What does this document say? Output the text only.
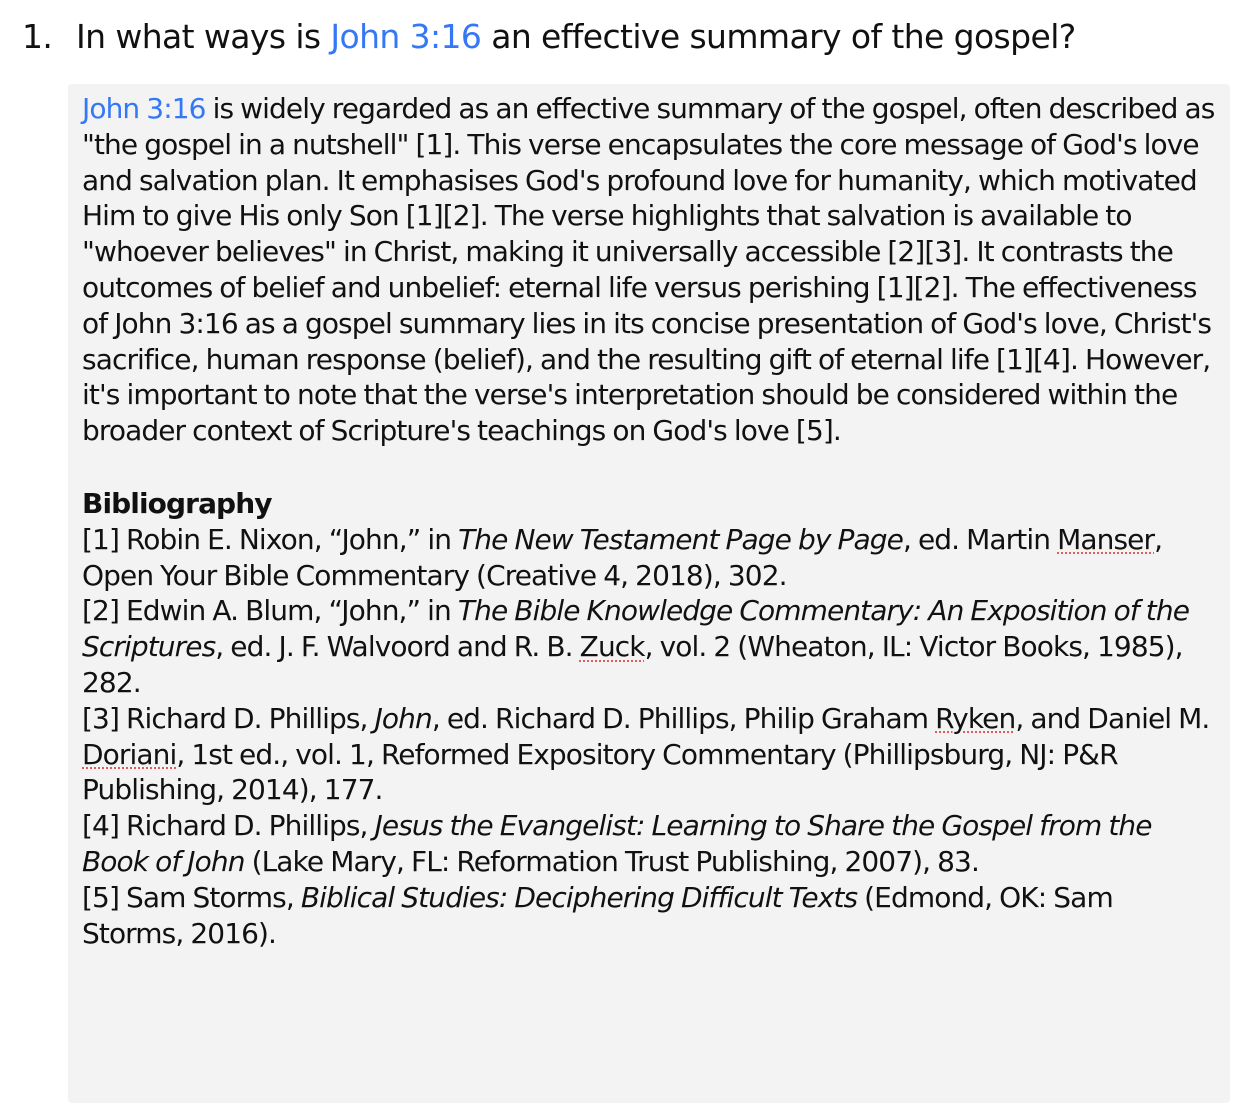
1. In what ways is John 3:16 an effective summary of the gospel?

John 3:16 is widely regarded as an effective summary of the gospel, often described as "the gospel in a nutshell" [1]. This verse encapsulates the core message of God's love and salvation plan. It emphasises God's profound love for humanity, which motivated Him to give His only Son [1][2]. The verse highlights that salvation is available to "whoever believes" in Christ, making it universally accessible [2][3]. It contrasts the outcomes of belief and unbelief: eternal life versus perishing [1][2]. The effectiveness of John 3:16 as a gospel summary lies in its concise presentation of God's love, Christ's sacrifice, human response (belief), and the resulting gift of eternal life [1][4]. However, it's important to note that the verse's interpretation should be considered within the broader context of Scripture's teachings on God's love [5].

Bibliography

[1] Robin E. Nixon, “John,” in The New Testament Page by Page, ed. Martin Manser, Open Your Bible Commentary (Creative 4, 2018), 302.

[2] Edwin A. Blum, “John,” in The Bible Knowledge Commentary: An Exposition of the Scriptures, ed. J. F. Walvoord and R. B. Zuck, vol. 2 (Wheaton, IL: Victor Books, 1985), 282.

[3] Richard D. Phillips, John, ed. Richard D. Phillips, Philip Graham Ryken, and Daniel M. Doriani, 1st ed., vol. 1, Reformed Expository Commentary (Phillipsburg, NJ: P&R Publishing, 2014), 177.

[4] Richard D. Phillips, Jesus the Evangelist: Learning to Share the Gospel from the Book of John (Lake Mary, FL: Reformation Trust Publishing, 2007), 83.

[5] Sam Storms, Biblical Studies: Deciphering Difficult Texts (Edmond, OK: Sam Storms, 2016).
